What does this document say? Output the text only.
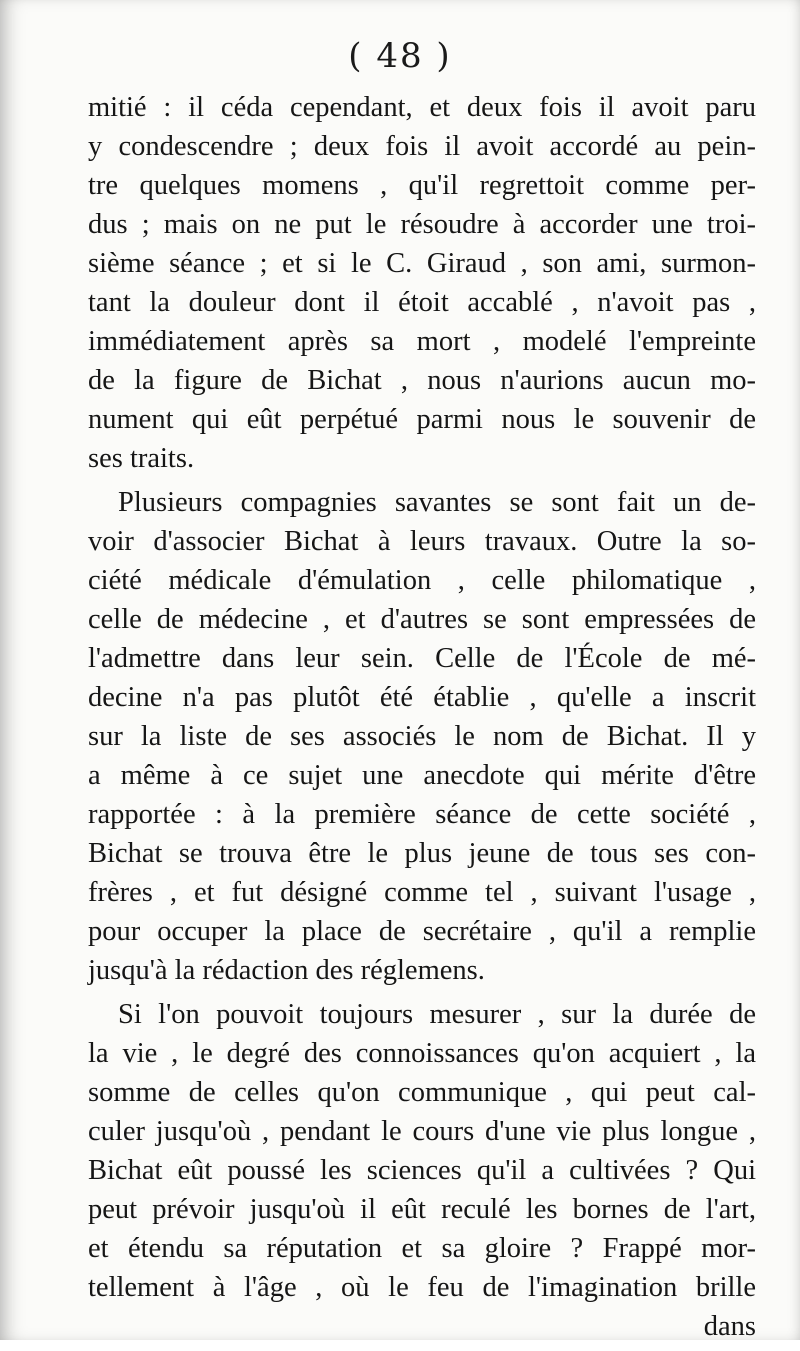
( 48 )
mitié : il céda cependant, et deux fois il avoit paru
y condescendre ; deux fois il avoit accordé au pein-
tre quelques momens , qu'il regrettoit comme per-
dus ; mais on ne put le résoudre à accorder une troi-
sième séance ; et si le C. Giraud , son ami, surmon-
tant la douleur dont il étoit accablé , n'avoit pas ,
immédiatement après sa mort , modelé l'empreinte
de la figure de Bichat , nous n'aurions aucun mo-
nument qui eût perpétué parmi nous le souvenir de
ses traits.
Plusieurs compagnies savantes se sont fait un de-
voir d'associer Bichat à leurs travaux. Outre la so-
ciété médicale d'émulation , celle philomatique ,
celle de médecine , et d'autres se sont empressées de
l'admettre dans leur sein. Celle de l'École de mé-
decine n'a pas plutôt été établie , qu'elle a inscrit
sur la liste de ses associés le nom de Bichat. Il y
a même à ce sujet une anecdote qui mérite d'être
rapportée : à la première séance de cette société ,
Bichat se trouva être le plus jeune de tous ses con-
frères , et fut désigné comme tel , suivant l'usage ,
pour occuper la place de secrétaire , qu'il a remplie
jusqu'à la rédaction des réglemens.
Si l'on pouvoit toujours mesurer , sur la durée de
la vie , le degré des connoissances qu'on acquiert , la
somme de celles qu'on communique , qui peut cal-
culer jusqu'où , pendant le cours d'une vie plus longue ,
Bichat eût poussé les sciences qu'il a cultivées ? Qui
peut prévoir jusqu'où il eût reculé les bornes de l'art,
et étendu sa réputation et sa gloire ? Frappé mor-
tellement à l'âge , où le feu de l'imagination brille
dans
